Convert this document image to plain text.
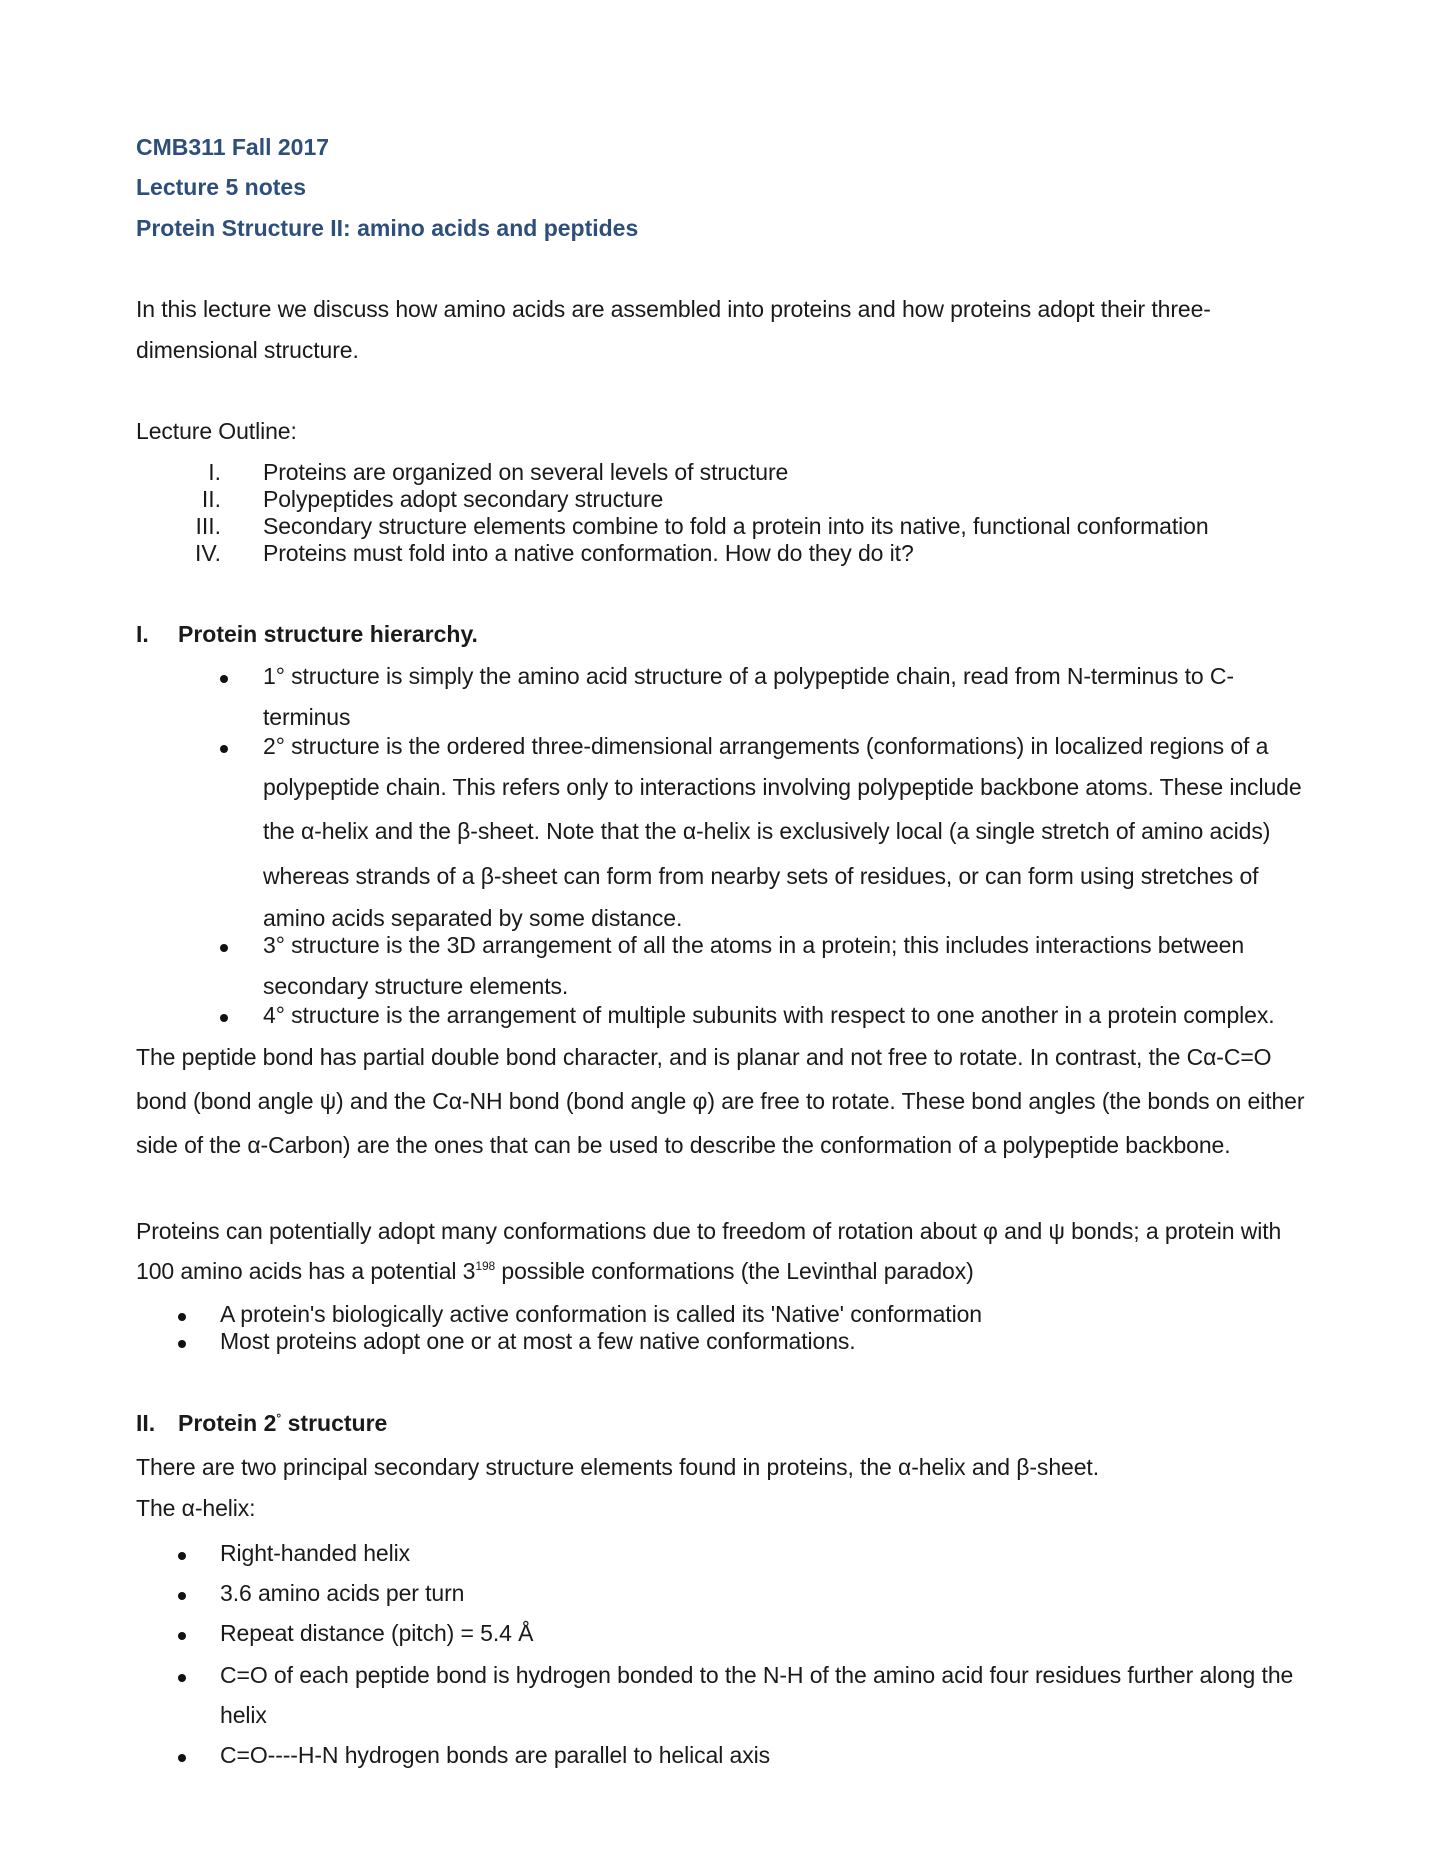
CMB311 Fall 2017
Lecture 5 notes
Protein Structure II: amino acids and peptides
In this lecture we discuss how amino acids are assembled into proteins and how proteins adopt their three-
dimensional structure.
Lecture Outline:
I. Proteins are organized on several levels of structure
II. Polypeptides adopt secondary structure
III. Secondary structure elements combine to fold a protein into its native, functional conformation
IV. Proteins must fold into a native conformation. How do they do it?
I. Protein structure hierarchy.
1° structure is simply the amino acid structure of a polypeptide chain, read from N-terminus to C-
terminus
2° structure is the ordered three-dimensional arrangements (conformations) in localized regions of a
polypeptide chain. This refers only to interactions involving polypeptide backbone atoms. These include
the α-helix and the β-sheet. Note that the α-helix is exclusively local (a single stretch of amino acids)
whereas strands of a β-sheet can form from nearby sets of residues, or can form using stretches of
amino acids separated by some distance.
3° structure is the 3D arrangement of all the atoms in a protein; this includes interactions between
secondary structure elements.
4° structure is the arrangement of multiple subunits with respect to one another in a protein complex.
The peptide bond has partial double bond character, and is planar and not free to rotate. In contrast, the Cα-C=O
bond (bond angle ψ) and the Cα-NH bond (bond angle φ) are free to rotate. These bond angles (the bonds on either
side of the α-Carbon) are the ones that can be used to describe the conformation of a polypeptide backbone.
Proteins can potentially adopt many conformations due to freedom of rotation about φ and ψ bonds; a protein with
100 amino acids has a potential $3^{198}$ possible conformations (the Levinthal paradox)
A protein's biologically active conformation is called its 'Native' conformation
Most proteins adopt one or at most a few native conformations.
II. Protein 2° structure
There are two principal secondary structure elements found in proteins, the α-helix and β-sheet.
The α-helix:
Right-handed helix
3.6 amino acids per turn
Repeat distance (pitch) = 5.4 Å
C=O of each peptide bond is hydrogen bonded to the N-H of the amino acid four residues further along the
helix
C=O----H-N hydrogen bonds are parallel to helical axis
